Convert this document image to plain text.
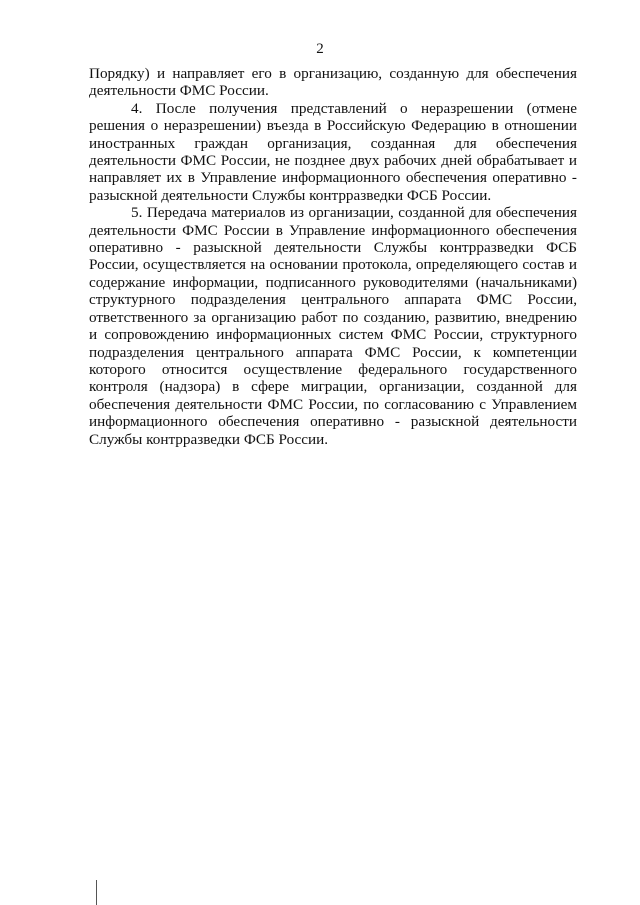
2

Порядку) и направляет его в организацию, созданную для обеспечения деятельности ФМС России.

4. После получения представлений о неразрешении (отмене решения о неразрешении) въезда в Российскую Федерацию в отношении иностранных граждан организация, созданная для обеспечения деятельности ФМС России, не позднее двух рабочих дней обрабатывает и направляет их в Управление информационного обеспечения оперативно - разыскной деятельности Службы контрразведки ФСБ России.

5. Передача материалов из организации, созданной для обеспечения деятельности ФМС России в Управление информационного обеспечения оперативно - разыскной деятельности Службы контрразведки ФСБ России, осуществляется на основании протокола, определяющего состав и содержание информации, подписанного руководителями (начальниками) структурного подразделения центрального аппарата ФМС России, ответственного за организацию работ по созданию, развитию, внедрению и сопровождению информационных систем ФМС России, структурного подразделения центрального аппарата ФМС России, к компетенции которого относится осуществление федерального государственного контроля (надзора) в сфере миграции, организации, созданной для обеспечения деятельности ФМС России, по согласованию с Управлением информационного обеспечения оперативно - разыскной деятельности Службы контрразведки ФСБ России.
